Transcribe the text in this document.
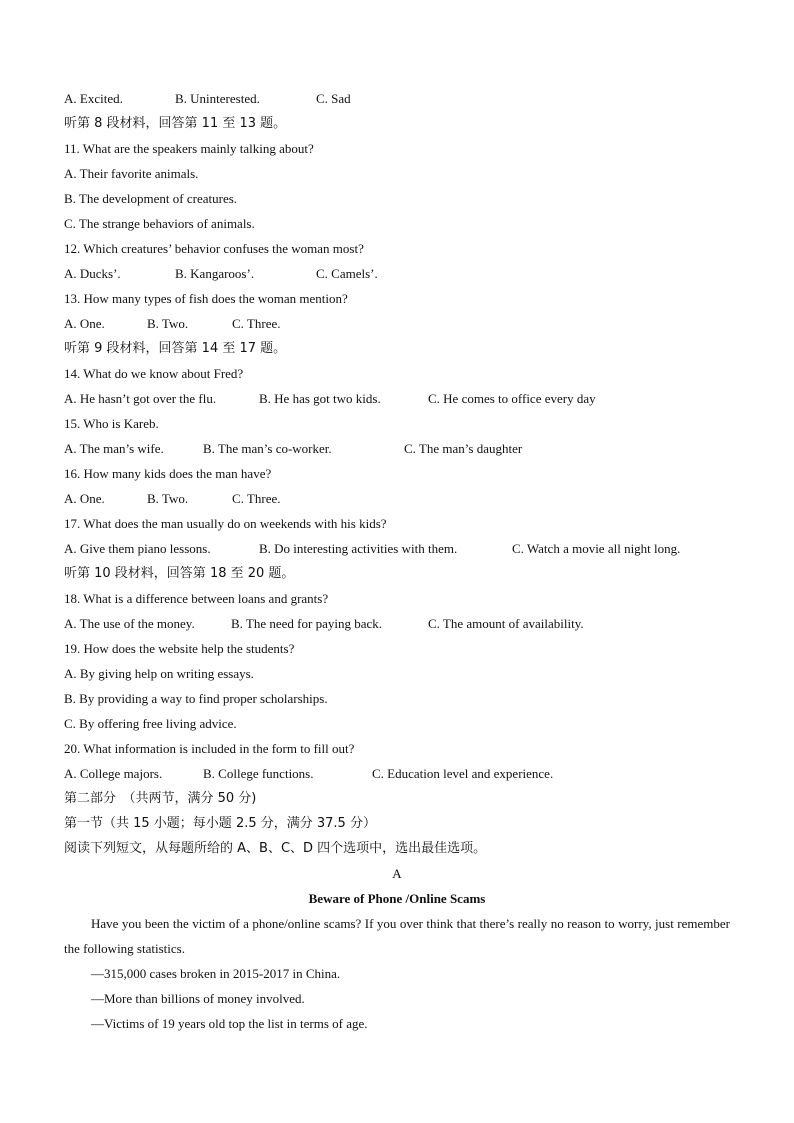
A. Excited.	B. Uninterested.	C. Sad
听第 8 段材料，回答第 11 至 13 题。
11. What are the speakers mainly talking about?
A. Their favorite animals.
B. The development of creatures.
C. The strange behaviors of animals.
12. Which creatures’ behavior confuses the woman most?
A. Ducks’.	B. Kangaroos’.	C. Camels’.
13. How many types of fish does the woman mention?
A. One.	B. Two.	C. Three.
听第 9 段材料，回答第 14 至 17 题。
14. What do we know about Fred?
A. He hasn’t got over the flu.	B. He has got two kids.	C. He comes to office every day
15. Who is Kareb.
A. The man’s wife.	B. The man’s co-worker.	C. The man’s daughter
16. How many kids does the man have?
A. One.	B. Two.	C. Three.
17. What does the man usually do on weekends with his kids?
A. Give them piano lessons.	B. Do interesting activities with them.	C. Watch a movie all night long.
听第 10 段材料，回答第 18 至 20 题。
18. What is a difference between loans and grants?
A. The use of the money.	B. The need for paying back.	C. The amount of availability.
19. How does the website help the students?
A. By giving help on writing essays.
B. By providing a way to find proper scholarships.
C. By offering free living advice.
20. What information is included in the form to fill out?
A. College majors.	B. College functions.	C. Education level and experience.
第二部分　（共两节，满分 50 分)
第一节（共 15 小题；每小题 2.5 分，满分 37.5 分）
阅读下列短文，从每题所给的 A、B、C、D 四个选项中，选出最佳选项。
A
Beware of Phone /Online Scams
Have you been the victim of a phone/online scams? If you over think that there’s really no reason to worry, just remember the following statistics.
—315,000 cases broken in 2015-2017 in China.
—More than billions of money involved.
—Victims of 19 years old top the list in terms of age.
